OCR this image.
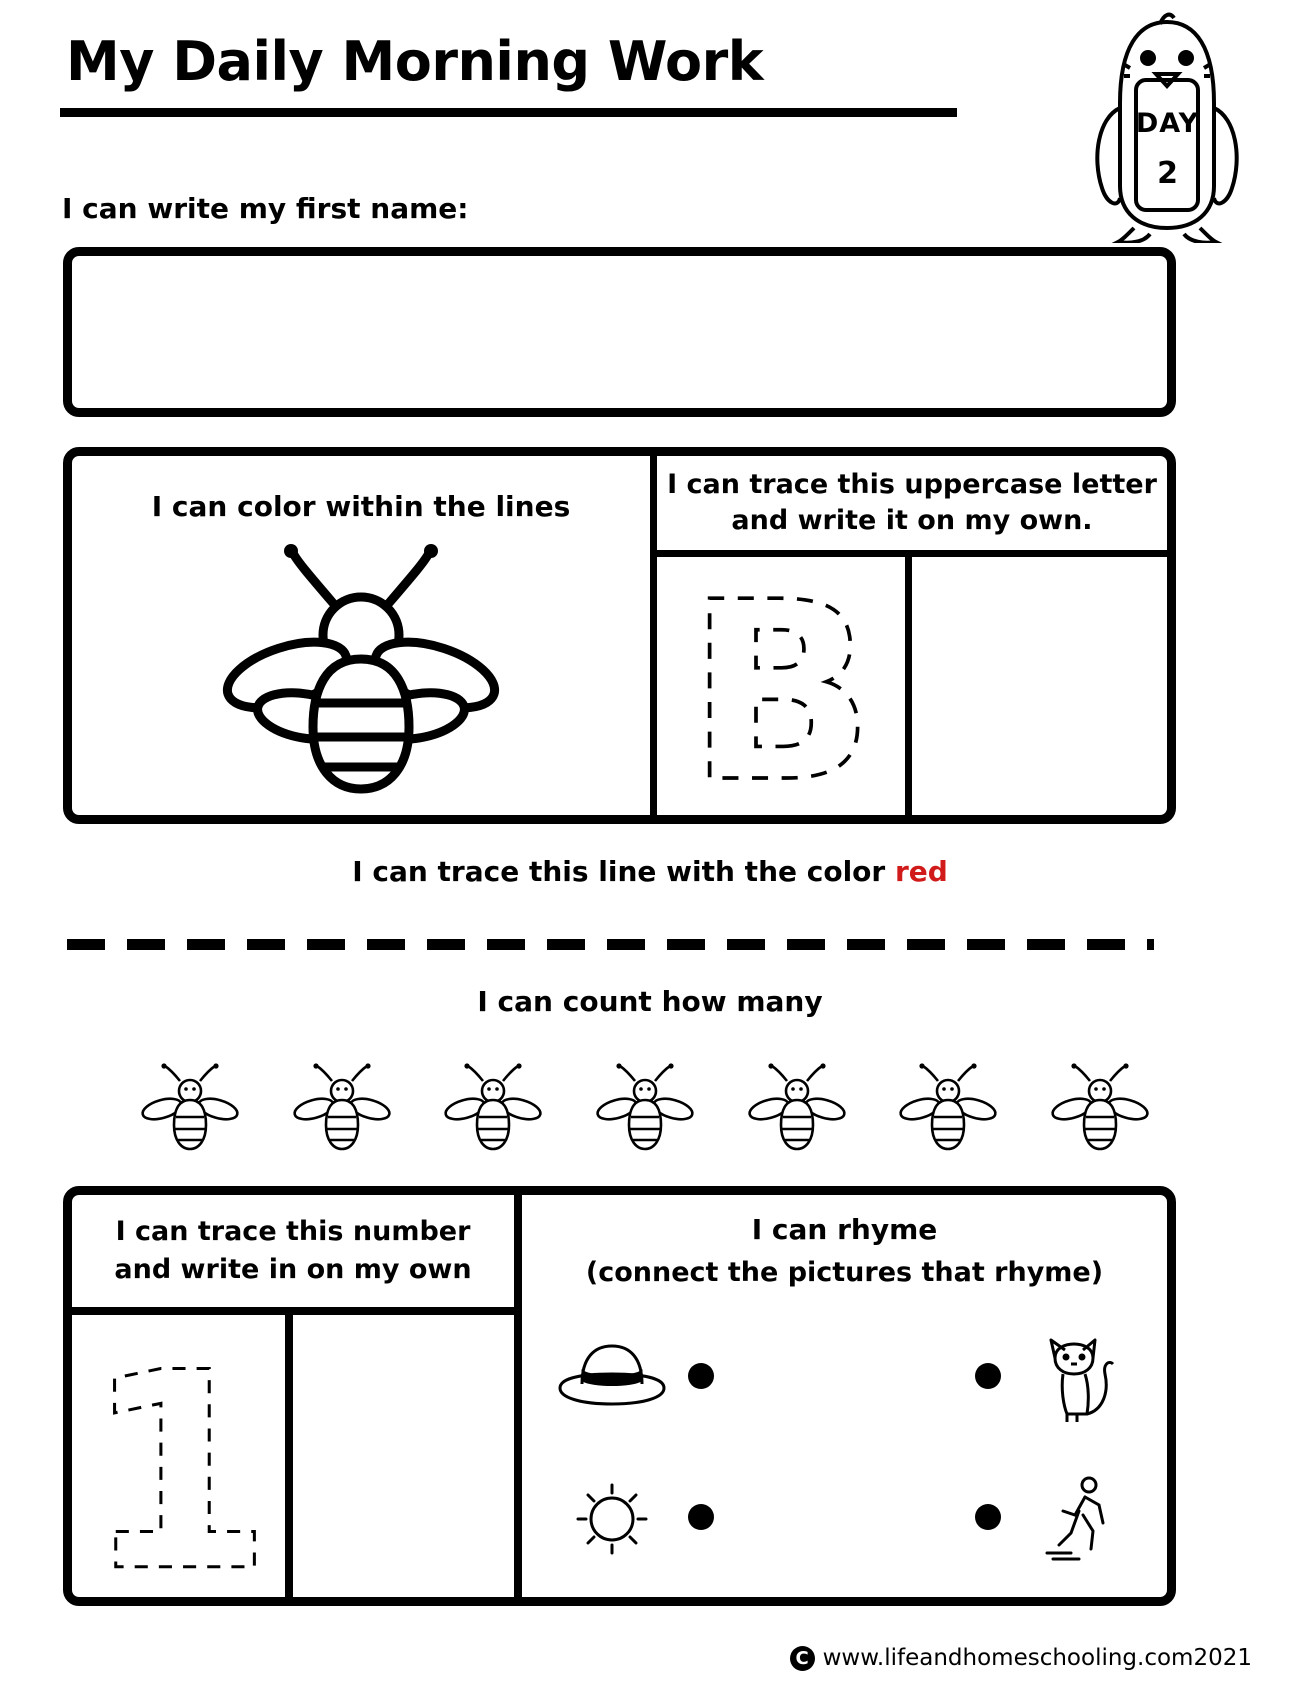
My Daily Morning Work
DAY
2
I can write my first name:
I can color within the lines
I can trace this uppercase letter and write it on my own.
B
I can trace this line with the color red
I can count how many
I can trace this number
and write in on my own
1
I can rhyme
(connect the pictures that rhyme)
C www.lifeandhomeschooling.com2021
